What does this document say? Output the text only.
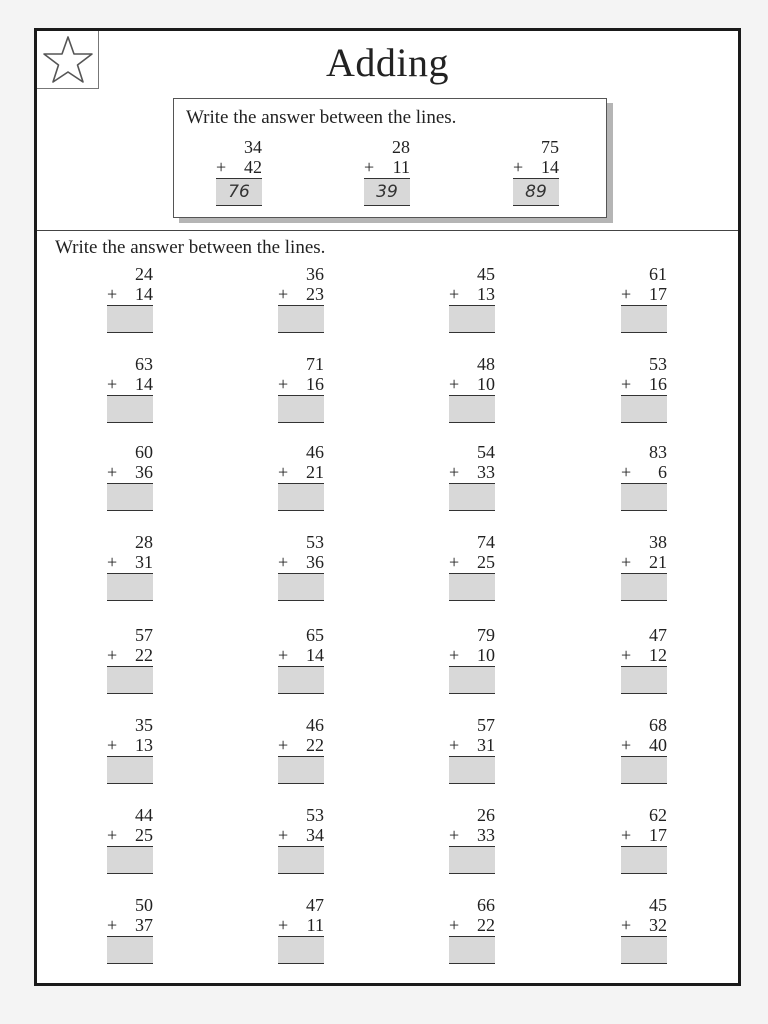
Adding
Write the answer between the lines.
34
+ 42
76
28
+	11
39
75
+ 14
89
Write the answer between the lines.
24
+ 14
36
+ 23
45
+ 13
61
+ 17
63
+ 14
71
+ 16
48
+ 10
53
+ 16
60
+ 36
46
+ 21
54
+ 33
83
+	6
28
+ 31
53
+ 36
74
+ 25
38
+ 21
57
+ 22
65
+ 14
79
+ 10
47
+ 12
35
+ 13
46
+ 22
57
+ 31
68
+ 40
44
+ 25
53
+ 34
26
+ 33
62
+ 17
50
+ 37
47
+	11
66
+ 22
45
+ 32
